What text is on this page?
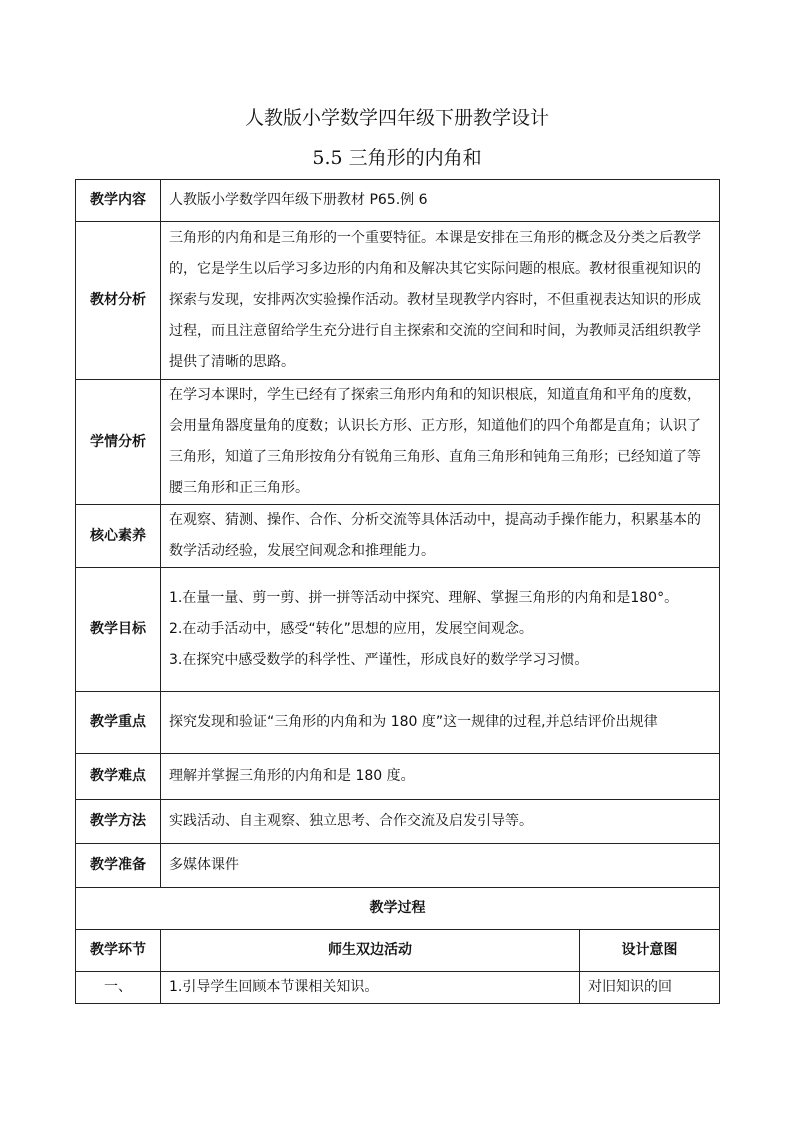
人教版小学数学四年级下册教学设计
5.5 三角形的内角和
教学内容	人教版小学数学四年级下册教材 P65.例 6	
教材分析	三角形的内角和是三角形的一个重要特征。本课是安排在三角形的概念及分类之后教学的，它是学生以后学习多边形的内角和及解决其它实际问题的根底。教材很重视知识的探索与发现，安排两次实验操作活动。教材呈现教学内容时，不但重视表达知识的形成过程，而且注意留给学生充分进行自主探索和交流的空间和时间，为教师灵活组织教学提供了清晰的思路。	
学情分析	在学习本课时，学生已经有了探索三角形内角和的知识根底，知道直角和平角的度数，会用量角器度量角的度数；认识长方形、正方形，知道他们的四个角都是直角；认识了三角形，知道了三角形按角分有锐角三角形、直角三角形和钝角三角形；已经知道了等腰三角形和正三角形。	
核心素养	在观察、猜测、操作、合作、分析交流等具体活动中，提高动手操作能力，积累基本的数学活动经验，发展空间观念和推理能力。	
教学目标	1.在量一量、剪一剪、拼一拼等活动中探究、理解、掌握三角形的内角和是180°。
2.在动手活动中，感受“转化”思想的应用，发展空间观念。
3.在探究中感受数学的科学性、严谨性，形成良好的数学学习习惯。	

教学重点	探究发现和验证“三角形的内角和为 180 度”这一规律的过程,并总结评价出规律	
教学难点	理解并掌握三角形的内角和是 180 度。	
教学方法	实践活动、自主观察、独立思考、合作交流及启发引导等。	
教学准备	多媒体课件	
教学过程		
教学环节	师生双边活动	设计意图
一、	1.引导学生回顾本节课相关知识。	对旧知识的回
